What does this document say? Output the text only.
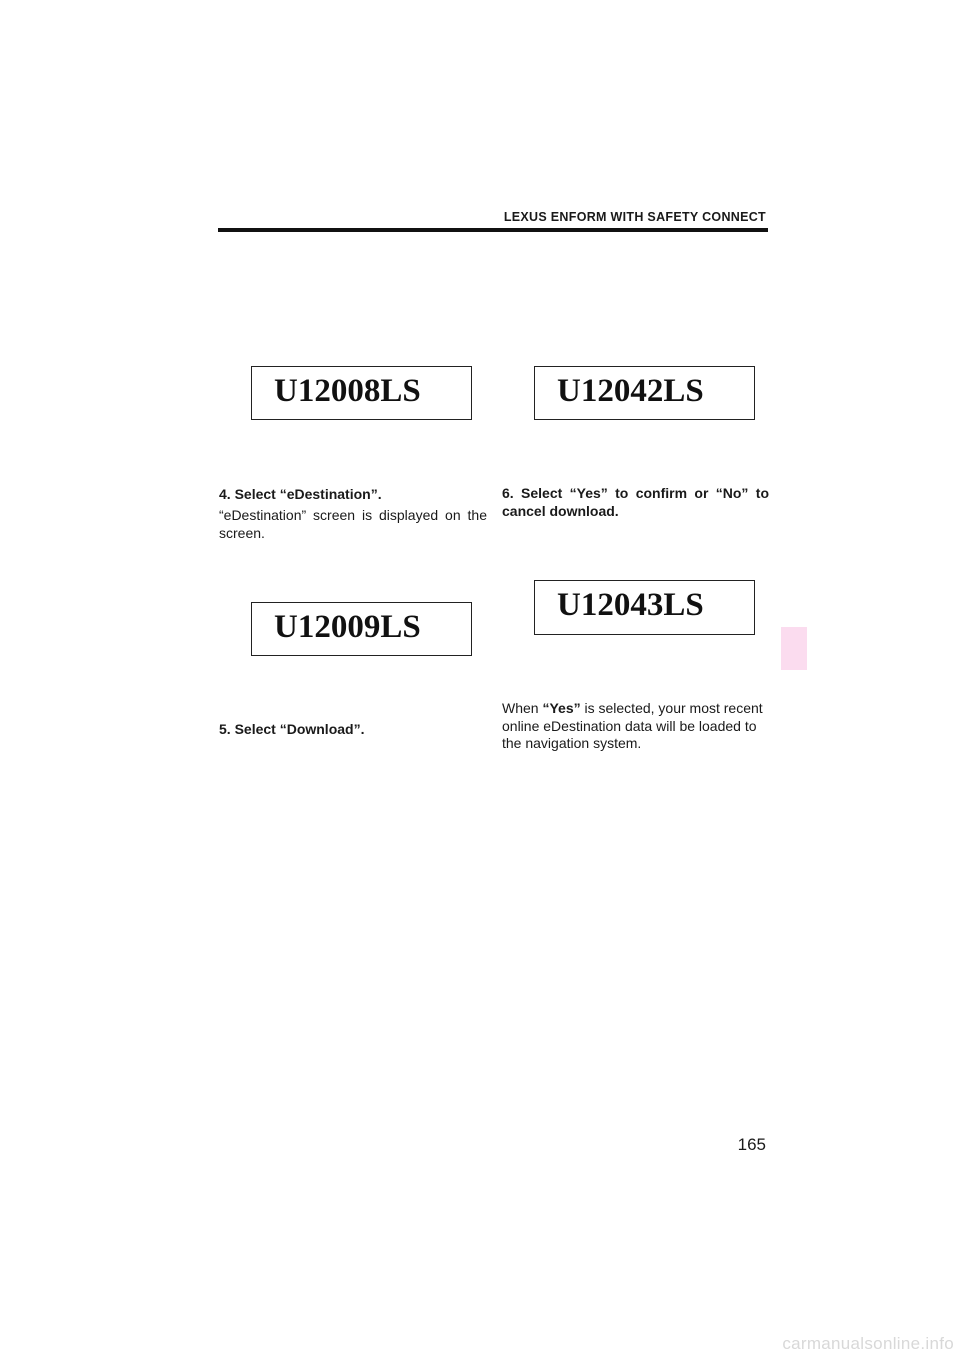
LEXUS ENFORM WITH SAFETY CONNECT
U12008LS	U12042LS
U12009LS
U12043LS
4. Select “eDestination”.
“eDestination” screen is displayed on the screen.
5. Select “Download”.
6. Select “Yes” to confirm or “No” to cancel download.
When “Yes” is selected, your most recent online eDestination data will be loaded to the navigation system.
165
carmanualsonline.info
